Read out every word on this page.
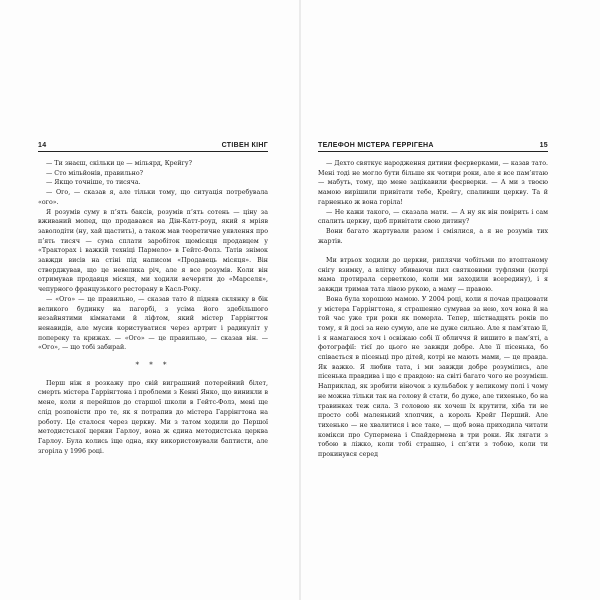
14	СТІВЕН КІНГ

— Ти знаєш, скільки це — мільярд, Крейгу?

— Сто мільйонів, правильно?

— Якщо точніше, то тисяча.

— Ого, — сказав я, але тільки тому, що ситуація потребувала «ого».

Я розумів суму в п’ять баксів, розумів п’ять сотень — ціну за вживаний мопед, що продавався на Дін-Катт-роуд, який я мріяв заволодіти (ну, хай щастить), а також мав теоретичне уявлення про п’ять тисяч — сума сплати заробіток щомісяця продавцем у «Тракторах і важкій техніці Пармело» в Гейтс-Фолз. Татів знімок завжди висів на стіні під написом «Продавець місяця». Він стверджував, що це невелика річ, але я все розумів. Коли він отримував продавця місяця, ми ходили вечеряти до «Марселя», чепурного французького ресторану в Касл-Року.

— «Ого» — це правильно, — сказав тато й підняв склянку в бік великого будинку на пагорбі, з усіма його здебільшого незайнятими кімнатами й ліфтом, який містер Гаррінгтон ненавидів, але мусив користуватися через артрит і радикуліт у поперекy та крижах. — «Ого» — це правильно, — сказав він. — «Ого», — що тобі забирай.

* * *

Перш ніж я розкажу про свій виграшний потерейний білет, смерть містера Гаррінгтона і проблеми з Кенні Янко, що виникли в мене, коли я перейшов до старшої школи в Гейтс-Фолз, мені ще слід розповісти про те, як я потрапив до містера Гаррінгтона на роботу. Це сталося через церкву. Ми з татом ходили до Першої методистської церкви Гарлоу, вона ж єдина методистська церква Гарлоу. Була колись іще одна, яку використовували баптисти, але згоріла у 1996 році.

ТЕЛЕФОН МІСТЕРА ГЕРРІГЕНА	15

— Дехто святкує народження дитини феєрверками, — казав тато. Мені тоді не могло бути більше як чотири роки, але я все пам’ятаю — мабуть, тому, що мене зацікавили феєрверки. — А ми з твоєю мамою вирішили привітати тебе, Крейгу, спаливши церкву. Та й гарненько ж вона горіла!

— Не кажи такого, — сказала мати. — А ну як він повірить і сам спалить церкву, щоб привітати свою дитину?

Вони багато жартували разом і сміялися, а я не розумів тих жартів.

Ми втрьох ходили до церкви, риплячи чобітьми по втоптаному снігу взимку, а влітку збиваючи пил святковими туфлями (котрі мама протирала серветкою, коли ми заходили всередину), і я завжди тримав тата лівою рукою, а маму — правою.

Вона була хорошою мамою. У 2004 році, коли я почав працювати у містера Гаррінгтона, я страшенно сумував за нею, хоч вона й на той час уже три роки як померла. Тепер, шістнадцять років по тому, я й досі за нею сумую, але не дуже сильно. Але я пам’ятаю її, і я намагаюся хоч і освіжаю собі її обличчя й вишито в пам’яті, а фотографії: тієї до цього не завжди добре. Але її пісенька, бо співається в пісеньці про дітей, котрі не мають мами, — це правда. Як важко. Я любив тата, і ми завжди добре розумілись, але пісенька правдива і що є правдою: на світі багато чого не розумієш. Наприклад, як зробити віночок з кульбабок у великому полі і чому не можна тільки так на голову й стати, бо дуже, але тихенько, бо на травинках теж сила. З головою як хочеш їх крутити, хіба ти не просто собі маленький хлопчик, а король Крейг Перший. Але тихенько — не хвалитися і все таке, — щоб вона приходила читати комікси про Супермена і Спайдермена в три роки. Як лягати з тобою в ліжко, коли тобі страшно, і сп’яти з тобою, коли ти прокинувся серед
